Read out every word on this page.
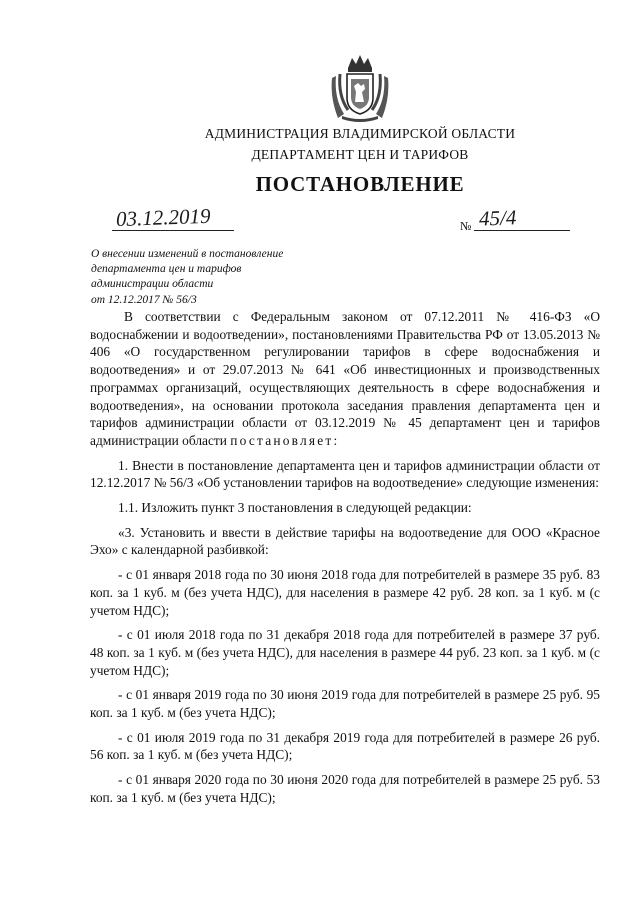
АДМИНИСТРАЦИЯ ВЛАДИМИРСКОЙ ОБЛАСТИ
ДЕПАРТАМЕНТ ЦЕН И ТАРИФОВ
ПОСТАНОВЛЕНИЕ
03.12.2019	№ 45/4
О внесении изменений в постановление
департамента цен и тарифов
администрации области
от 12.12.2017 № 56/3

В соответствии с Федеральным законом от 07.12.2011 № 416-ФЗ «О водоснабжении и водоотведении», постановлениями Правительства РФ от 13.05.2013 № 406 «О государственном регулировании тарифов в сфере водоснабжения и водоотведения» и от 29.07.2013 № 641 «Об инвестиционных и производственных программах организаций, осуществляющих деятельность в сфере водоснабжения и водоотведения», на основании протокола заседания правления департамента цен и тарифов администрации области от 03.12.2019 № 45 департамент цен и тарифов администрации области постановляет:

1. Внести в постановление департамента цен и тарифов администрации области от 12.12.2017 № 56/3 «Об установлении тарифов на водоотведение» следующие изменения:

1.1. Изложить пункт 3 постановления в следующей редакции:

«3. Установить и ввести в действие тарифы на водоотведение для ООО «Красное Эхо» с календарной разбивкой:

- с 01 января 2018 года по 30 июня 2018 года для потребителей в размере 35 руб. 83 коп. за 1 куб. м (без учета НДС), для населения в размере 42 руб. 28 коп. за 1 куб. м (с учетом НДС);

- с 01 июля 2018 года по 31 декабря 2018 года для потребителей в размере 37 руб. 48 коп. за 1 куб. м (без учета НДС), для населения в размере 44 руб. 23 коп. за 1 куб. м (с учетом НДС);

- с 01 января 2019 года по 30 июня 2019 года для потребителей в размере 25 руб. 95 коп. за 1 куб. м (без учета НДС);

- с 01 июля 2019 года по 31 декабря 2019 года для потребителей в размере 26 руб. 56 коп. за 1 куб. м (без учета НДС);

- с 01 января 2020 года по 30 июня 2020 года для потребителей в размере 25 руб. 53 коп. за 1 куб. м (без учета НДС);
